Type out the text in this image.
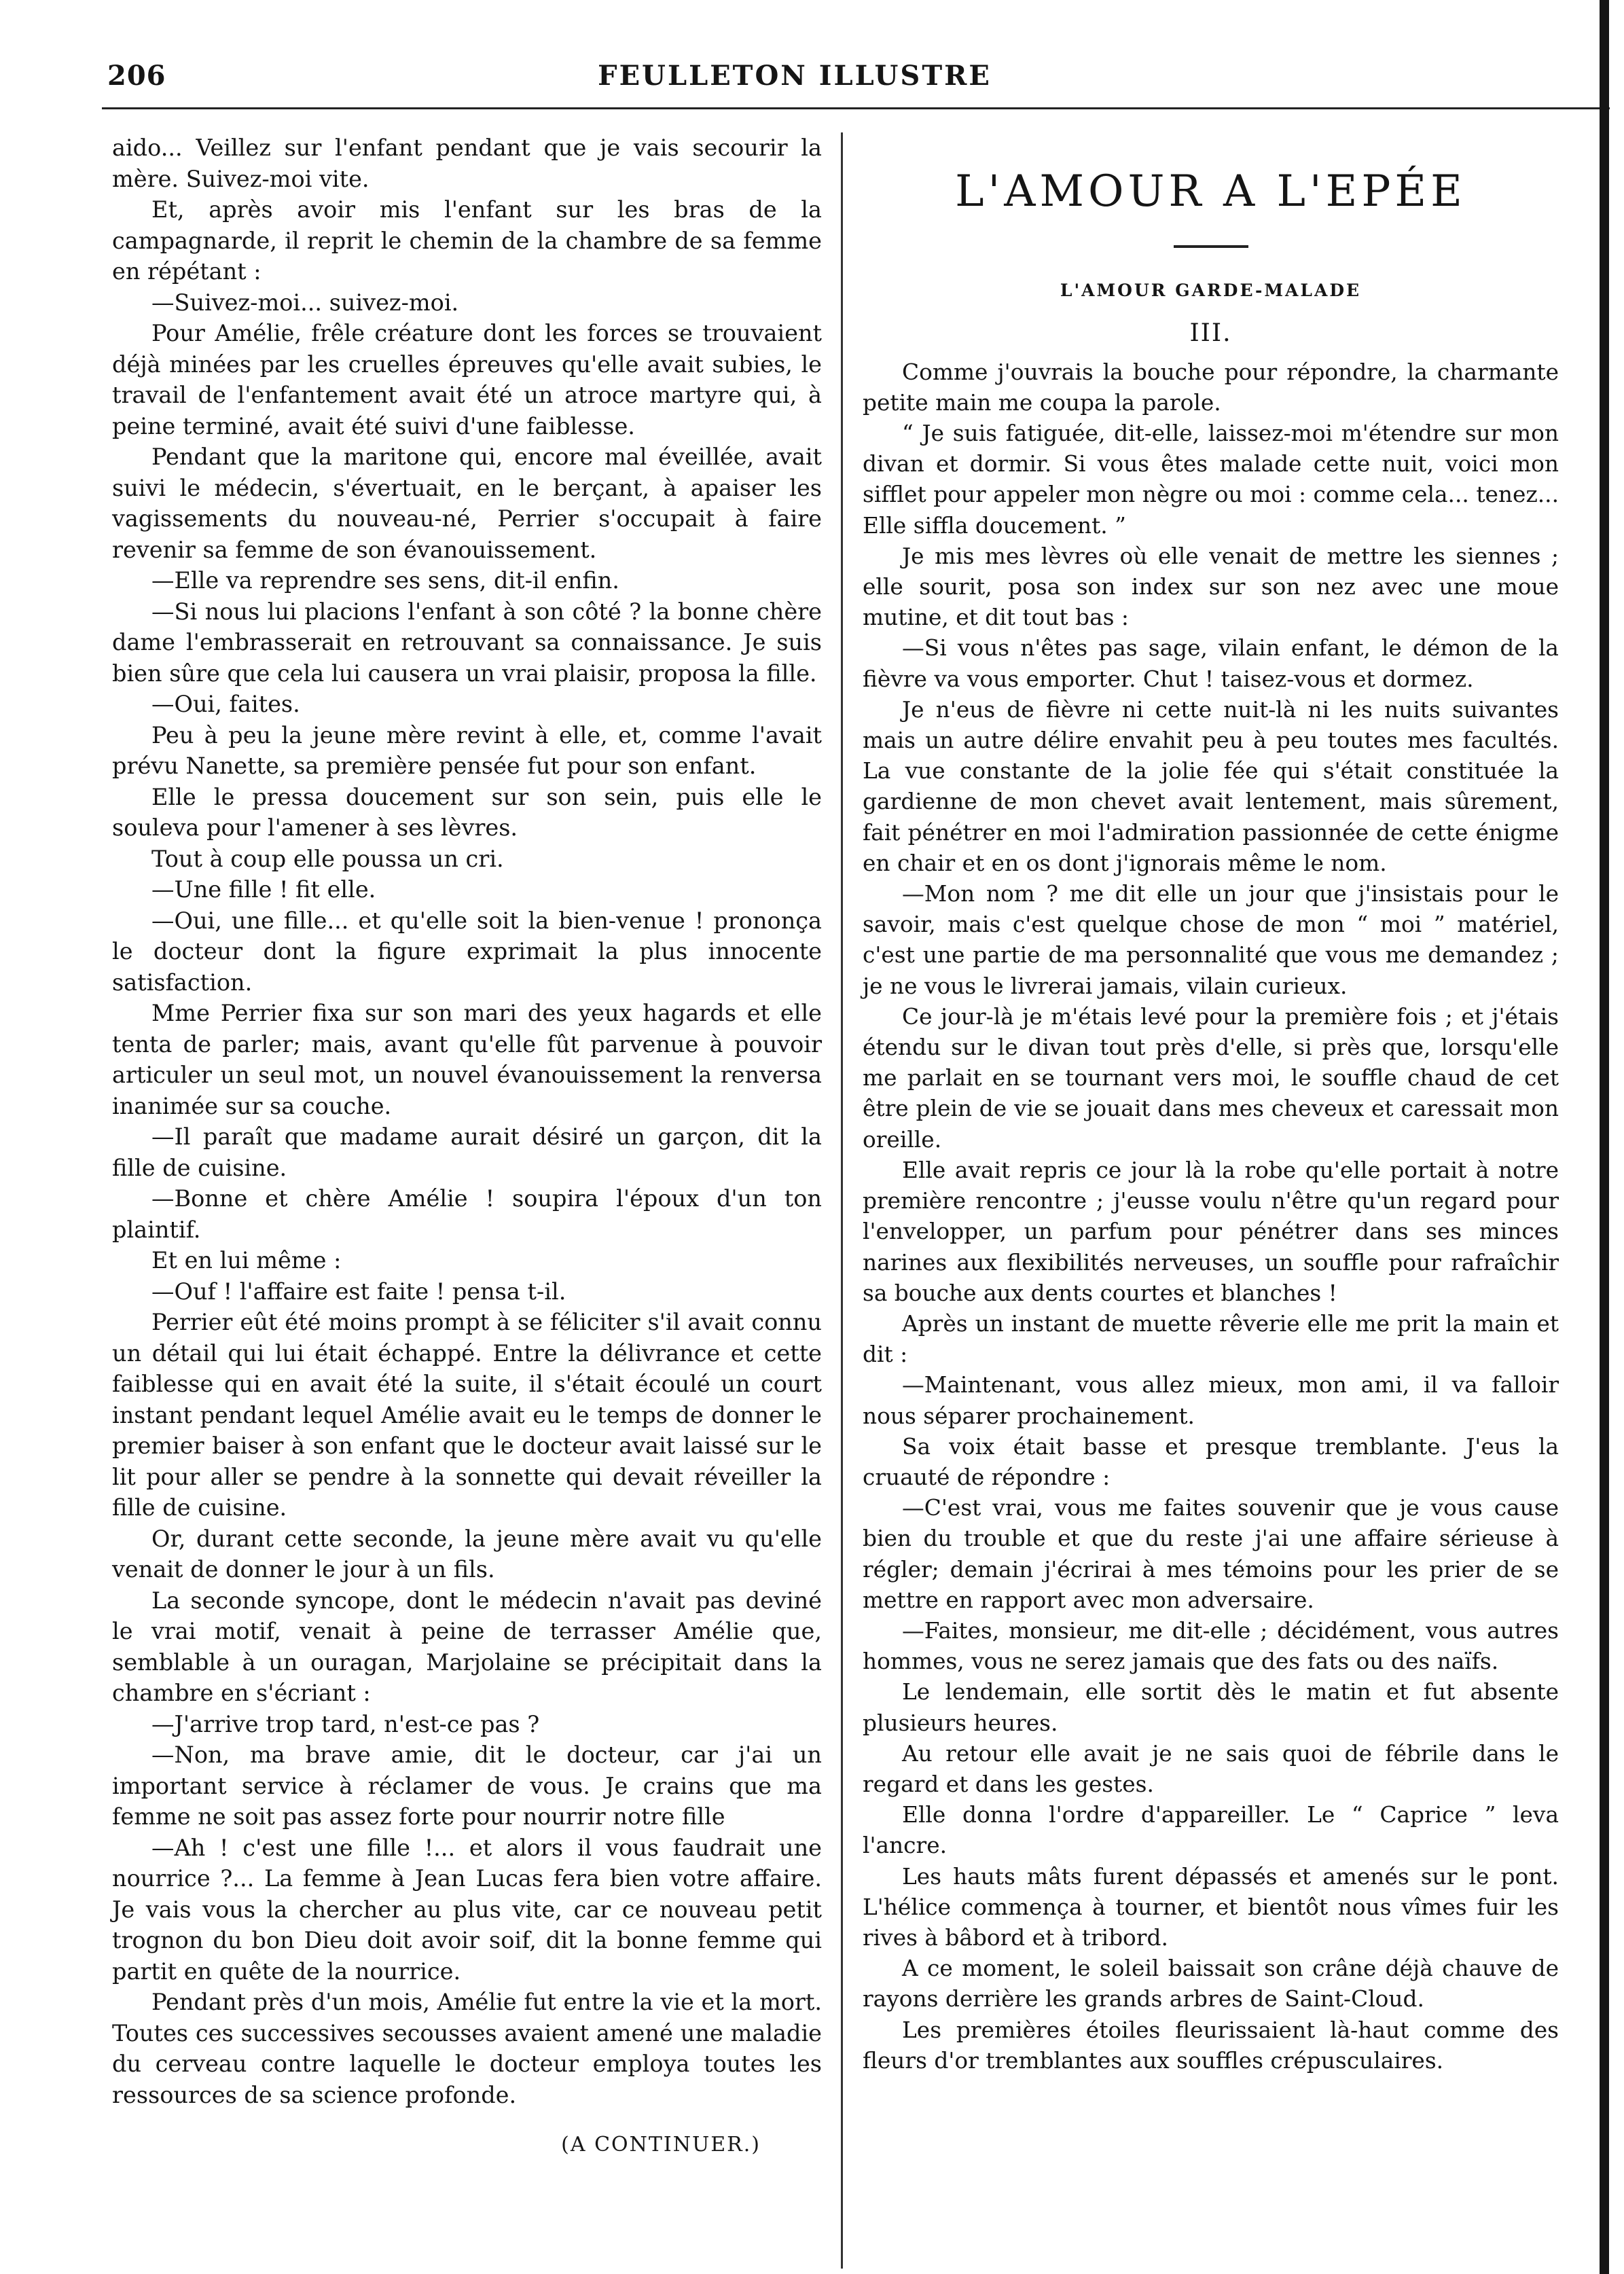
206	FEULLETON ILLUSTRE

aido... Veillez sur l'enfant pendant que je vais secourir la mère. Suivez-moi vite.

Et, après avoir mis l'enfant sur les bras de la campagnarde, il reprit le chemin de la chambre de sa femme en répétant :

—Suivez-moi... suivez-moi.

Pour Amélie, frêle créature dont les forces se trouvaient déjà minées par les cruelles épreuves qu'elle avait subies, le travail de l'enfantement avait été un atroce martyre qui, à peine terminé, avait été suivi d'une faiblesse.

Pendant que la maritone qui, encore mal éveillée, avait suivi le médecin, s'évertuait, en le berçant, à apaiser les vagissements du nouveau-né, Perrier s'occupait à faire revenir sa femme de son évanouissement.

—Elle va reprendre ses sens, dit-il enfin.

—Si nous lui placions l'enfant à son côté ? la bonne chère dame l'embrasserait en retrouvant sa connaissance. Je suis bien sûre que cela lui causera un vrai plaisir, proposa la fille.

—Oui, faites.

Peu à peu la jeune mère revint à elle, et, comme l'avait prévu Nanette, sa première pensée fut pour son enfant.

Elle le pressa doucement sur son sein, puis elle le souleva pour l'amener à ses lèvres.

Tout à coup elle poussa un cri.

—Une fille ! fit elle.

—Oui, une fille... et qu'elle soit la bien-venue ! prononça le docteur dont la figure exprimait la plus innocente satisfaction.

Mme Perrier fixa sur son mari des yeux hagards et elle tenta de parler; mais, avant qu'elle fût parvenue à pouvoir articuler un seul mot, un nouvel évanouissement la renversa inanimée sur sa couche.

—Il paraît que madame aurait désiré un garçon, dit la fille de cuisine.

—Bonne et chère Amélie ! soupira l'époux d'un ton plaintif.

Et en lui même :

—Ouf ! l'affaire est faite ! pensa t-il.

Perrier eût été moins prompt à se féliciter s'il avait connu un détail qui lui était échappé. Entre la délivrance et cette faiblesse qui en avait été la suite, il s'était écoulé un court instant pendant lequel Amélie avait eu le temps de donner le premier baiser à son enfant que le docteur avait laissé sur le lit pour aller se pendre à la sonnette qui devait réveiller la fille de cuisine.

Or, durant cette seconde, la jeune mère avait vu qu'elle venait de donner le jour à un fils.

La seconde syncope, dont le médecin n'avait pas deviné le vrai motif, venait à peine de terrasser Amélie que, semblable à un ouragan, Marjolaine se précipitait dans la chambre en s'écriant :

—J'arrive trop tard, n'est-ce pas ?

—Non, ma brave amie, dit le docteur, car j'ai un important service à réclamer de vous. Je crains que ma femme ne soit pas assez forte pour nourrir notre fille

—Ah ! c'est une fille !... et alors il vous faudrait une nourrice ?... La femme à Jean Lucas fera bien votre affaire. Je vais vous la chercher au plus vite, car ce nouveau petit trognon du bon Dieu doit avoir soif, dit la bonne femme qui partit en quête de la nourrice.

Pendant près d'un mois, Amélie fut entre la vie et la mort. Toutes ces successives secousses avaient amené une maladie du cerveau contre laquelle le docteur employa toutes les ressources de sa science profonde.

(A CONTINUER.)
L'AMOUR A L'EPÉE
L'AMOUR GARDE-MALADE
III.

Comme j'ouvrais la bouche pour répondre, la charmante petite main me coupa la parole.

“ Je suis fatiguée, dit-elle, laissez-moi m'étendre sur mon divan et dormir. Si vous êtes malade cette nuit, voici mon sifflet pour appeler mon nègre ou moi : comme cela... tenez... Elle siffla doucement. ”

Je mis mes lèvres où elle venait de mettre les siennes ; elle sourit, posa son index sur son nez avec une moue mutine, et dit tout bas :

—Si vous n'êtes pas sage, vilain enfant, le démon de la fièvre va vous emporter. Chut ! taisez-vous et dormez.

Je n'eus de fièvre ni cette nuit-là ni les nuits suivantes mais un autre délire envahit peu à peu toutes mes facultés. La vue constante de la jolie fée qui s'était constituée la gardienne de mon chevet avait lentement, mais sûrement, fait pénétrer en moi l'admiration passionnée de cette énigme en chair et en os dont j'ignorais même le nom.

—Mon nom ? me dit elle un jour que j'insistais pour le savoir, mais c'est quelque chose de mon “ moi ” matériel, c'est une partie de ma personnalité que vous me demandez ; je ne vous le livrerai jamais, vilain curieux.

Ce jour-là je m'étais levé pour la première fois ; et j'étais étendu sur le divan tout près d'elle, si près que, lorsqu'elle me parlait en se tournant vers moi, le souffle chaud de cet être plein de vie se jouait dans mes cheveux et caressait mon oreille.

Elle avait repris ce jour là la robe qu'elle portait à notre première rencontre ; j'eusse voulu n'être qu'un regard pour l'envelopper, un parfum pour pénétrer dans ses minces narines aux flexibilités nerveuses, un souffle pour rafraîchir sa bouche aux dents courtes et blanches !

Après un instant de muette rêverie elle me prit la main et dit :

—Maintenant, vous allez mieux, mon ami, il va falloir nous séparer prochainement.

Sa voix était basse et presque tremblante. J'eus la cruauté de répondre :

—C'est vrai, vous me faites souvenir que je vous cause bien du trouble et que du reste j'ai une affaire sérieuse à régler; demain j'écrirai à mes témoins pour les prier de se mettre en rapport avec mon adversaire.

—Faites, monsieur, me dit-elle ; décidément, vous autres hommes, vous ne serez jamais que des fats ou des naïfs.

Le lendemain, elle sortit dès le matin et fut absente plusieurs heures.

Au retour elle avait je ne sais quoi de fébrile dans le regard et dans les gestes.

Elle donna l'ordre d'appareiller. Le “ Caprice ” leva l'ancre.

Les hauts mâts furent dépassés et amenés sur le pont. L'hélice commença à tourner, et bientôt nous vîmes fuir les rives à bâbord et à tribord.

A ce moment, le soleil baissait son crâne déjà chauve de rayons derrière les grands arbres de Saint-Cloud.

Les premières étoiles fleurissaient là-haut comme des fleurs d'or tremblantes aux souffles crépusculaires.
